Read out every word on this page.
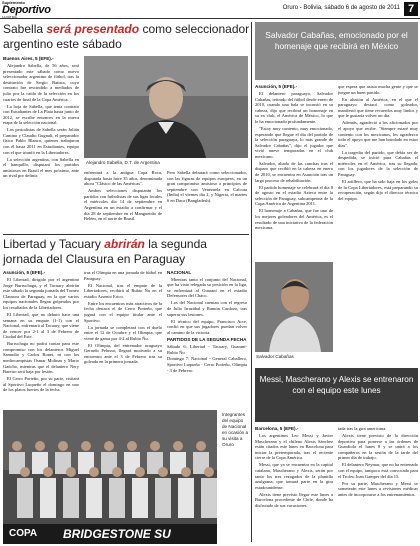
Suplemento
Deportivo
LA PATRIA
Oruro - Bolivia, sábado 6 de agosto de 2011 7
Sabella será presentado como seleccionador argentino este sábado

Buenos Aires, 5 (EFE).-

Alejandro Sabella, de 56 años, será presentado este sábado como nuevo seleccionador argentino de fútbol, tras la destitución de Sergio Batista, cuyo contrato fue rescindido a mediados de julio por la caída de la selección en los cuartos de final de la Copa América.

La hoja de Sabella, que tenía contrato con Estudiantes de La Plata hasta junio de 2012, se escribe entonces en la nueva etapa de la selección nacional.

Los periodistas de Sabella serán Julián Camino y Claudio Gugnali, el preparador físico Pablo Blanco, quienes trabajaron con él hasta 2011 en Estudiantes, equipo con el que triunfó en la Libertadores.

La selección argentina, con Sabella en el banquillo, disputará los partidos amistosos en Brasil el mes próximo, ante un rival por definir.

Alejandro Sabella, D.T. de Argentina

enfrentará a la antigua Copa Roca, disputada hasta hace 35 años, denominada ahora "Clásico de las Américas".

Ambos selecciones disputarán los partidos con futbolistas de sus ligas locales el miércoles día 14 de septiembre en Argentina en un estadio a confirmar y el día 28 de septiembre en el Mangueirão de Belém, en el norte de Brasil.

Pero Sabella debutará como seleccionador, con las figuras de equipos europeos, en un gran compromiso amistoso a principios de septiembre con Venezuela en Calcuta (India) el viernes día 2, y Nigeria, el martes 6 en Daca (Bangladesh).

Salvador Cabañas, emocionado por el homenaje que recibirá en México

Asunción, 5 (EFE).-

El delantero paraguayo, Salvador Cabañas, retirado del fútbol desde enero de 2010, cuando una bala se incrustó en su cabeza, dijo que recibirá un homenaje en su ex club, el América de México, lo que le ha emocionado profundamente.

"Estoy muy contento, muy emocionado, esperando que llegue el día del partido de la selección paraguaya, lo más grande de Salvador Cabañas", dijo el jugador que vivió nueve temporadas en el club mexicano.

Salvador, aliado de las canchas tras el disparo que recibió en la cabeza en enero de 2010, se encuentra en Asunción tras un largo proceso de rehabilitación.

El partido homenaje se celebrará el día 8 de agosto en el estadio Azteca entre la selección de Paraguay, subcampeona de la Copa América de Argentina 2011.

El homenaje a Cabañas, que fue uno de los mejores goleadores del América, es el resultado de una iniciativa de la federación mexicana.

que espera que asista mucha gente y que se juegue un buen partido.

En alusión al América, en el que el paraguayo destacó como goleador, manifestó que tiene recuerdos muy lindos y que le gustaría volver un día.

Además, agradeció a los aficionados por el apoyo que recibe. "Siempre estaré muy contento con los mexicanos, les agradezco todo el apoyo que me han brindado en estos días".

La tragedia del partido, que debía ser de despedida, se inició para Cabañas el miércoles en el América, tras su llegada, con los jugadores de la selección de Paraguay.

El artillero, que ha sido baja en los goles de la Copa Libertadores, está preparando su recuperación, según dijo el director técnico del equipo.

Salvador Cabañas
Libertad y Tacuary abrirán la segunda jornada del Clausura en Paraguay

Asunción, 5 (EFE).-

El Libertad, dirigido por el argentino Jorge Burruchaga, y el Tacuary abrirán este sábado la segunda jornada del Torneo Clausura de Paraguay, en la que varios equipos nacionales llegan golpeados por los resultados de la Libertadores.

El Libertad, que no debutó hace una semana en su empate (1-1) con el Nacional, enfrentará al Tacuary, que viene de vencer por 2-1 al 3 de Febrero de Ciudad del Este.

Burruchaga no podrá contar para este compromiso con los delanteros Miguel Samudio y Carlos Bonet, ni con los mediocampistas Osmar Molinas y Mario Gaúcho, mientras que el delantero Nery Bareiro será baja por lesión.

El Cerro Porteño, por su parte, visitará al Sportivo Luqueño el domingo en uno de los platos fuertes de la fecha.

tras el Olimpia en una jornada de fútbol en Paraguay.

El Nacional, tras el empate de la Libertadores, recibirá al Rubio Ñu en el estadio Arsenio Erico.

Entre los encuentros más atractivos de la fecha destaca el de Cerro Porteño, que jugará con el equipo titular ante el Sportivo.

La jornada se completará con el duelo entre el 12 de Octubre y el Olimpia, que viene de ganar por 4-2 al Rubio Ñu.

El Olimpia, del entrenador uruguayo Gerardo Pelusso, llegará motivado a su encuentro ante el 3 de Febrero tras su goleada en la primera jornada.

NACIONAL

Mientras tanto el conjunto del Nacional, que ha visto relegada su posición en la liga, se enfrentará al Guaraní en el estadio Defensores del Chaco.

Los del Nacional cuentan con el regreso de Julio Irrazábal y Ramón Cardozo, tras superar sus lesiones.

El técnico del equipo, Francisco Arce, confió en que sus jugadores puedan volver al camino de la victoria.

PARTIDOS DE LA SEGUNDA FECHA

Sábado 6: Libertad - Tacuary, Guaraní-Rubio Ñu

Domingo 7: Nacional - General Caballero, Sportivo Luqueño - Cerro Porteño, Olimpia - 3 de Febrero.

COPA BRIDGESTONE SU
Integrantes del equipo de Nacional en ocasión a su visita a Oruro
Messi, Mascherano y Alexis se entrenaron con el equipo este lunes

Barcelona, 5 (EFE).-

Los argentinos Leo Messi y Javier Mascherano y el chileno Alexis Sánchez están citados este lunes en Barcelona para iniciar la pretemporada, tras el reciente cierre de la Copa América.

Messi, que ya se encuentra en la capital catalana, Mascherano y Alexis, serán por tanto los tres rezagados de la plantilla azulgrana, que tomará parte en la gira estadounidense.

Alexis tiene previsto llegar este lunes a Barcelona procedente de Chile, donde ha disfrutado de sus vacaciones.

tada tras la gira americana.

Alexis tiene previsto de la dirección deportiva para ponerse a las órdenes de Guardiola el lunes 8 y se unirá a los compañeros en la sesión de la tarde del primer día de trabajo.

El delantero Neymar, que no ha entrenado con el equipo, tampoco está convocado para el Trofeo Joan Gamper del día 15.

Por su parte, Mascherano y Messi se someterán este lunes a revisiones médicas antes de incorporarse a los entrenamientos.
